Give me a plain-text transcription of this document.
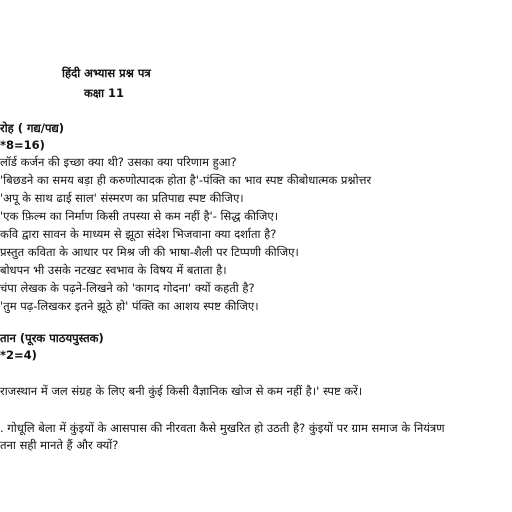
हिंदी अभ्यास प्रश्न पत्र
कक्षा 11
रोह ( गद्य/पद्य)
*8=16)
लॉर्ड कर्जन की इच्छा क्या थी? उसका क्या परिणाम हुआ?
'बिछडने का समय बड़ा ही करुणोत्पादक होता है'-पंक्ति का भाव स्पष्ट कीबोधात्मक प्रश्नोत्तर
'अपू के साथ ढाई साल' संस्मरण का प्रतिपाद्य स्पष्ट कीजिए।
'एक फ़िल्म का निर्माण किसी तपस्या से कम नहीं है'- सिद्ध कीजिए।
कवि द्वारा सावन के माध्यम से झूठा संदेश भिजवाना क्या दर्शाता है?
प्रस्तुत कविता के आधार पर मिश्र जी की भाषा-शैली पर टिप्पणी कीजिए।
बोधपन भी उसके नटखट स्वभाव के विषय में बताता है।
चंपा लेखक के पढ़ने-लिखने को 'कागद गोदना' क्यों कहती है?
'तुम पढ़-लिखकर इतने झूठे हो' पंक्ति का आशय स्पष्ट कीजिए।
तान (पूरक पाठयपुस्तक)
*2=4)
राजस्थान में जल संग्रह के लिए बनी कुंई किसी वैज्ञानिक खोज से कम नहीं है।' स्पष्ट करें।
. गोधूलि बेला में कुंइयों के आसपास की नीरवता कैसे मुखरित हो उठती है? कुंइयों पर ग्राम समाज के नियंत्रण
तना सही मानते हैं और क्यों?
